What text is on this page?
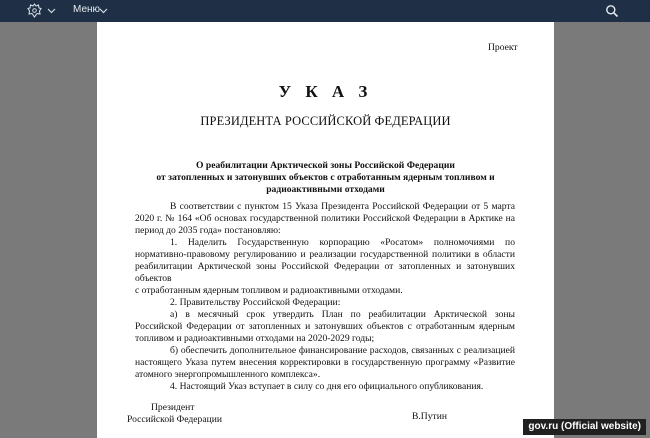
Меню
Проект
У К А З
ПРЕЗИДЕНТА РОССИЙСКОЙ ФЕДЕРАЦИИ
О реабилитации Арктической зоны Российской Федерации
от затопленных и затонувших объектов с отработанным ядерным топливом и
радиоактивными отходами

В соответствии с пунктом 15 Указа Президента Российской Федерации от 5 марта 2020 г. № 164 «Об основах государственной политики Российской Федерации в Арктике на период до 2035 года» постановляю:

1. Наделить Государственную корпорацию «Росатом» полномочиями по нормативно-правовому регулированию и реализации государственной политики в области реабилитации Арктической зоны Российской Федерации от затопленных и затонувших объектов

с отработанным ядерным топливом и радиоактивными отходами.

2. Правительству Российской Федерации:

а) в месячный срок утвердить План по реабилитации Арктической зоны Российской Федерации от затопленных и затонувших объектов с отработанным ядерным топливом и радиоактивными отходами на 2020-2029 годы;

б) обеспечить дополнительное финансирование расходов, связанных с реализацией настоящего Указа путем внесения корректировки в государственную программу «Развитие атомного энергопромышленного комплекса».

4. Настоящий Указ вступает в силу со дня его официального опубликования.

Президент
Российской Федерации	В.Путин
gov.ru (Official website)
